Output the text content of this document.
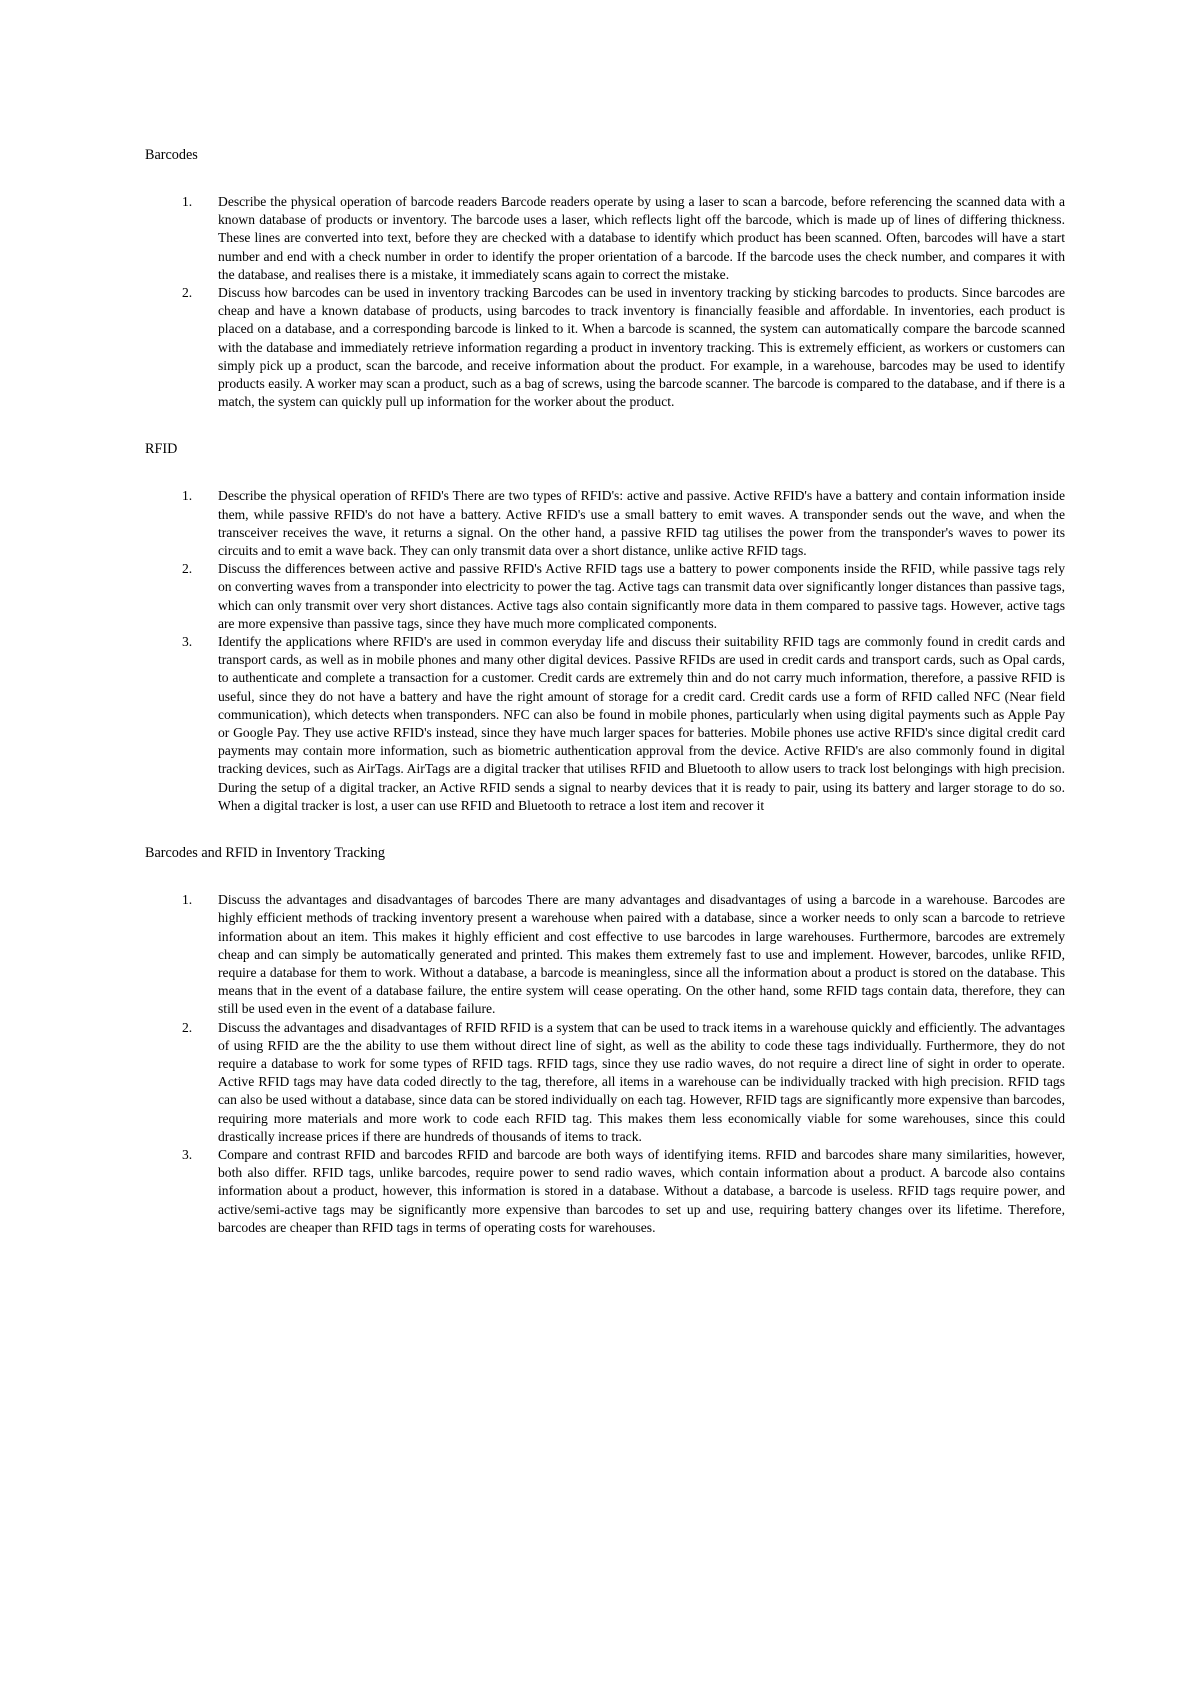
Barcodes

1. Describe the physical operation of barcode readers Barcode readers operate by using a laser to scan a barcode, before referencing the scanned data with a known database of products or inventory. The barcode uses a laser, which reflects light off the barcode, which is made up of lines of differing thickness. These lines are converted into text, before they are checked with a database to identify which product has been scanned. Often, barcodes will have a start number and end with a check number in order to identify the proper orientation of a barcode. If the barcode uses the check number, and compares it with the database, and realises there is a mistake, it immediately scans again to correct the mistake.
2. Discuss how barcodes can be used in inventory tracking Barcodes can be used in inventory tracking by sticking barcodes to products. Since barcodes are cheap and have a known database of products, using barcodes to track inventory is financially feasible and affordable. In inventories, each product is placed on a database, and a corresponding barcode is linked to it. When a barcode is scanned, the system can automatically compare the barcode scanned with the database and immediately retrieve information regarding a product in inventory tracking. This is extremely efficient, as workers or customers can simply pick up a product, scan the barcode, and receive information about the product. For example, in a warehouse, barcodes may be used to identify products easily. A worker may scan a product, such as a bag of screws, using the barcode scanner. The barcode is compared to the database, and if there is a match, the system can quickly pull up information for the worker about the product.

RFID

1. Describe the physical operation of RFID's There are two types of RFID's: active and passive. Active RFID's have a battery and contain information inside them, while passive RFID's do not have a battery. Active RFID's use a small battery to emit waves. A transponder sends out the wave, and when the transceiver receives the wave, it returns a signal. On the other hand, a passive RFID tag utilises the power from the transponder's waves to power its circuits and to emit a wave back. They can only transmit data over a short distance, unlike active RFID tags.
2. Discuss the differences between active and passive RFID's Active RFID tags use a battery to power components inside the RFID, while passive tags rely on converting waves from a transponder into electricity to power the tag. Active tags can transmit data over significantly longer distances than passive tags, which can only transmit over very short distances. Active tags also contain significantly more data in them compared to passive tags. However, active tags are more expensive than passive tags, since they have much more complicated components.
3. Identify the applications where RFID's are used in common everyday life and discuss their suitability RFID tags are commonly found in credit cards and transport cards, as well as in mobile phones and many other digital devices. Passive RFIDs are used in credit cards and transport cards, such as Opal cards, to authenticate and complete a transaction for a customer. Credit cards are extremely thin and do not carry much information, therefore, a passive RFID is useful, since they do not have a battery and have the right amount of storage for a credit card. Credit cards use a form of RFID called NFC (Near field communication), which detects when transponders. NFC can also be found in mobile phones, particularly when using digital payments such as Apple Pay or Google Pay. They use active RFID's instead, since they have much larger spaces for batteries. Mobile phones use active RFID's since digital credit card payments may contain more information, such as biometric authentication approval from the device. Active RFID's are also commonly found in digital tracking devices, such as AirTags. AirTags are a digital tracker that utilises RFID and Bluetooth to allow users to track lost belongings with high precision. During the setup of a digital tracker, an Active RFID sends a signal to nearby devices that it is ready to pair, using its battery and larger storage to do so. When a digital tracker is lost, a user can use RFID and Bluetooth to retrace a lost item and recover it

Barcodes and RFID in Inventory Tracking

1. Discuss the advantages and disadvantages of barcodes There are many advantages and disadvantages of using a barcode in a warehouse. Barcodes are highly efficient methods of tracking inventory present a warehouse when paired with a database, since a worker needs to only scan a barcode to retrieve information about an item. This makes it highly efficient and cost effective to use barcodes in large warehouses. Furthermore, barcodes are extremely cheap and can simply be automatically generated and printed. This makes them extremely fast to use and implement. However, barcodes, unlike RFID, require a database for them to work. Without a database, a barcode is meaningless, since all the information about a product is stored on the database. This means that in the event of a database failure, the entire system will cease operating. On the other hand, some RFID tags contain data, therefore, they can still be used even in the event of a database failure.
2. Discuss the advantages and disadvantages of RFID RFID is a system that can be used to track items in a warehouse quickly and efficiently. The advantages of using RFID are the the ability to use them without direct line of sight, as well as the ability to code these tags individually. Furthermore, they do not require a database to work for some types of RFID tags. RFID tags, since they use radio waves, do not require a direct line of sight in order to operate. Active RFID tags may have data coded directly to the tag, therefore, all items in a warehouse can be individually tracked with high precision. RFID tags can also be used without a database, since data can be stored individually on each tag. However, RFID tags are significantly more expensive than barcodes, requiring more materials and more work to code each RFID tag. This makes them less economically viable for some warehouses, since this could drastically increase prices if there are hundreds of thousands of items to track.
3. Compare and contrast RFID and barcodes RFID and barcode are both ways of identifying items. RFID and barcodes share many similarities, however, both also differ. RFID tags, unlike barcodes, require power to send radio waves, which contain information about a product. A barcode also contains information about a product, however, this information is stored in a database. Without a database, a barcode is useless. RFID tags require power, and active/semi-active tags may be significantly more expensive than barcodes to set up and use, requiring battery changes over its lifetime. Therefore, barcodes are cheaper than RFID tags in terms of operating costs for warehouses.
